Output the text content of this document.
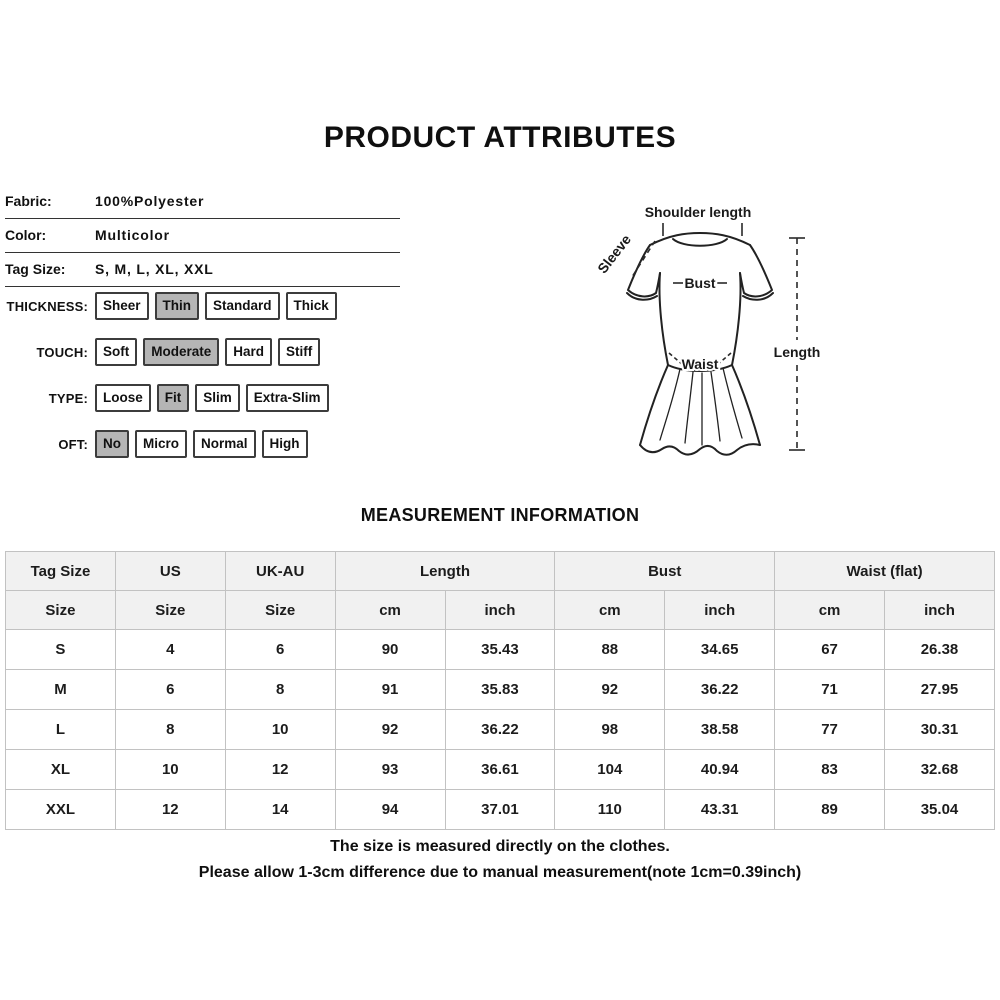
PRODUCT ATTRIBUTES
Fabric:	100%Polyester
Color:	Multicolor
Tag Size:	S, M, L, XL, XXL
THICKNESS:	Sheer	Thin	Standard	Thick
TOUCH:	Soft	Moderate	Hard	Stiff
TYPE:	Loose	Fit	Slim	Extra-Slim
OFT:	No	Micro	Normal	High
Shoulder length
Sleeve
Bust
Waist
Length
MEASUREMENT INFORMATION
Tag Size	US	UK-AU	Length		Bust		Waist (flat)	
Size	Size	Size	cm	inch	cm	inch	cm	inch
S	4	6	90	35.43	88	34.65	67	26.38
M	6	8	91	35.83	92	36.22	71	27.95
L	8	10	92	36.22	98	38.58	77	30.31
XL	10	12	93	36.61	104	40.94	83	32.68
XXL	12	14	94	37.01	110	43.31	89	35.04
The size is measured directly on the clothes.
Please allow 1-3cm difference due to manual measurement(note 1cm=0.39inch)
